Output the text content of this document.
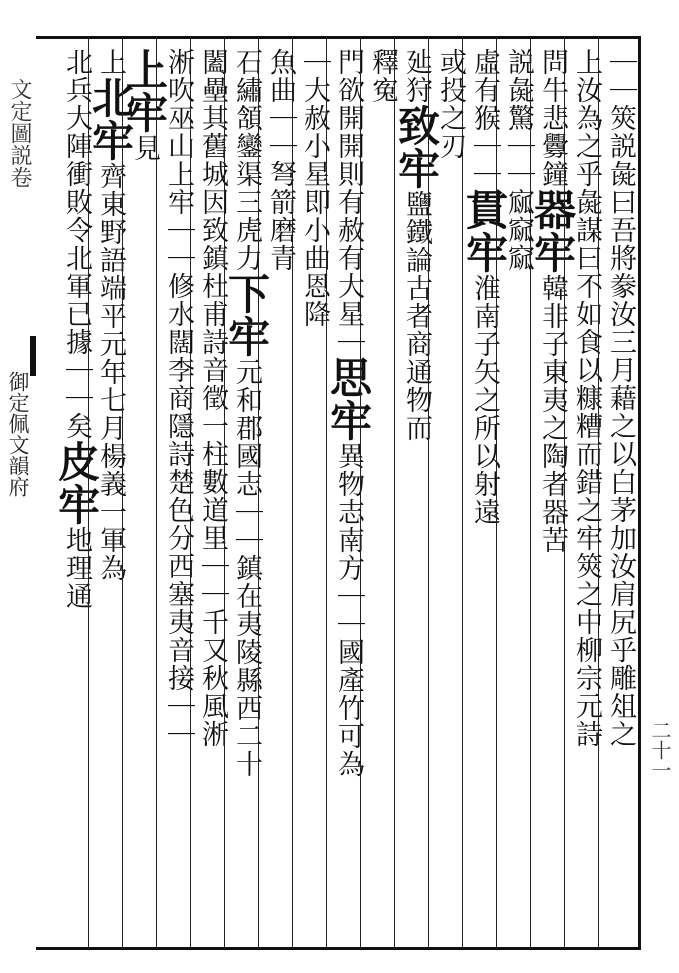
文定圖説卷
御定佩文韻府
二十一
｜｜筴説彘曰吾將豢汝三月藉之以白茅加汝肩尻乎雕俎之
上汝為之乎彘謀曰不如食以糠糟而錯之牢筴之中柳宗元詩
問牛悲釁鐘器牢韓非子東夷之陶者器苦
説彘驚｜｜寙窳窳
虛有猴｜｜貫牢淮南子矢之所以射遠
或投之刃
㢟狩致牢鹽鐵論古者商通物而
釋寃
門欲開開則有赦有大星｜思牢異物志南方｜｜國產竹可為
｜大赦小星即小曲恩降
魚曲｜｜弩箭磨青
石繡頷鑾渠三虎力下牢元和郡國志｜｜鎮在夷陵縣西二十
闔壘其舊城因致鎮杜甫詩音徵一柱數道里｜｜千又秋風淅
淅吹巫山上牢｜｜修水闊李商隱詩楚色分西塞夷音接｜｜
上牢見
上北牢齊東野語端平元年七月楊義一軍為
北兵大陣衝敗令北軍已據｜｜矣皮牢地理通
